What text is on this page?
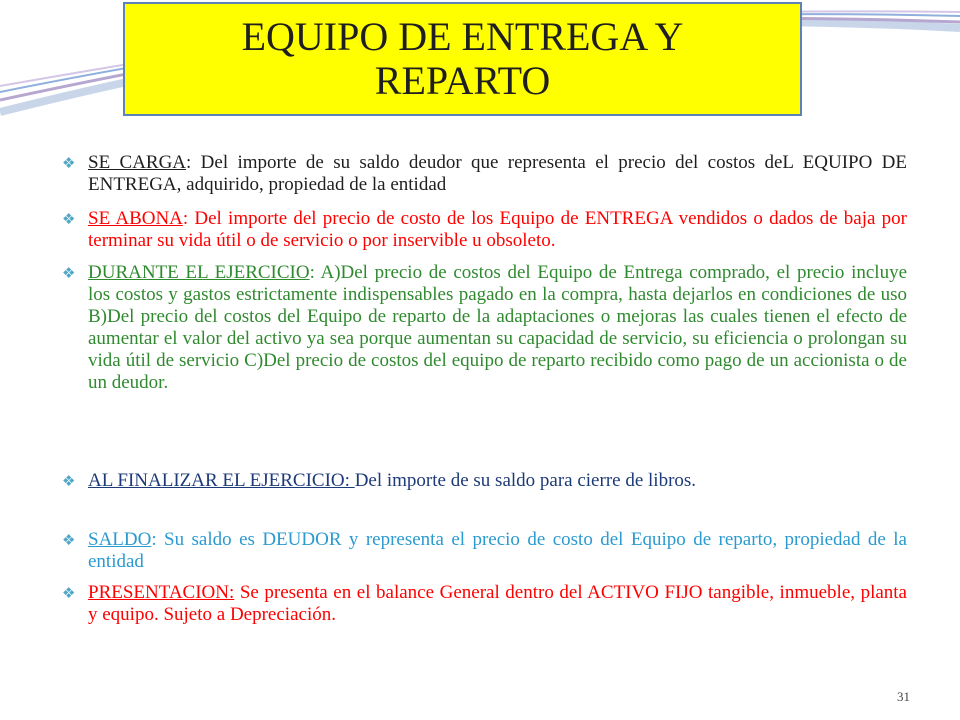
EQUIPO DE ENTREGA Y
REPARTO
❖ SE CARGA: Del importe de su saldo deudor que representa el precio del costos deL EQUIPO DE ENTREGA, adquirido, propiedad de la entidad
❖ SE ABONA: Del importe del precio de costo de los Equipo de ENTREGA vendidos o dados de baja por terminar su vida útil o de servicio o por inservible u obsoleto.
❖ DURANTE EL EJERCICIO: A)Del precio de costos del Equipo de Entrega comprado, el precio incluye los costos y gastos estrictamente indispensables pagado en la compra, hasta dejarlos en condiciones de uso B)Del precio del costos del Equipo de reparto de la adaptaciones o mejoras las cuales tienen el efecto de aumentar el valor del activo ya sea porque aumentan su capacidad de servicio, su eficiencia o prolongan su vida útil de servicio C)Del precio de costos del equipo de reparto recibido como pago de un accionista o de un deudor.
❖ AL FINALIZAR EL EJERCICIO: Del importe de su saldo para cierre de libros.
❖ SALDO: Su saldo es DEUDOR y representa el precio de costo del Equipo de reparto, propiedad de la entidad
❖ PRESENTACION: Se presenta en el balance General dentro del ACTIVO FIJO tangible, inmueble, planta y equipo. Sujeto a Depreciación.
31
